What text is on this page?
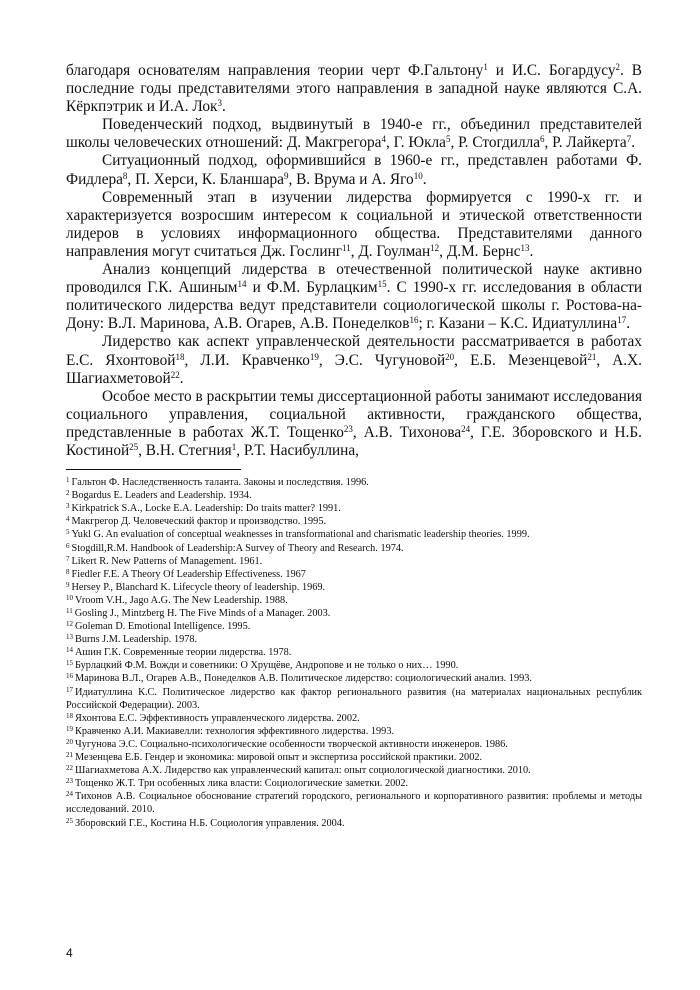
благодаря основателям направления теории черт Ф.Гальтону$^1$ и И.С. Богардусу$^2$. В последние годы представителями этого направления в западной науке являются С.А. Кёркпэтрик и И.А. Лок$^3$.

Поведенческий подход, выдвинутый в 1940-е гг., объединил представителей школы человеческих отношений: Д. Макгрегора$^4$, Г. Юкла$^5$, Р. Стогдилла$^6$, Р. Лайкерта$^7$.

Ситуационный подход, оформившийся в 1960-е гг., представлен работами Ф. Фидлера$^8$, П. Херси, К. Бланшара$^9$, В. Врума и А. Яго$^{10}$.

Современный этап в изучении лидерства формируется с 1990-х гг. и характеризуется возросшим интересом к социальной и этической ответственности лидеров в условиях информационного общества. Представителями данного направления могут считаться Дж. Гослинг$^{11}$, Д. Гоулман$^{12}$, Д.М. Бернс$^{13}$.

Анализ концепций лидерства в отечественной политической науке активно проводился Г.К. Ашиным$^{14}$ и Ф.М. Бурлацким$^{15}$. С 1990-х гг. исследования в области политического лидерства ведут представители социологической школы г. Ростова-на-Дону: В.Л. Маринова, А.В. Огарев, А.В. Понеделков$^{16}$; г. Казани – К.С. Идиатуллина$^{17}$.

Лидерство как аспект управленческой деятельности рассматривается в работах Е.С. Яхонтовой$^{18}$, Л.И. Кравченко$^{19}$, Э.С. Чугуновой$^{20}$, Е.Б. Мезенцевой$^{21}$, А.Х. Шагиахметовой$^{22}$.

Особое место в раскрытии темы диссертационной работы занимают исследования социального управления, социальной активности, гражданского общества, представленные в работах Ж.Т. Тощенко$^{23}$, А.В. Тихонова$^{24}$, Г.Е. Зборовского и Н.Б. Костиной$^{25}$, В.Н. Стегния$^1$, Р.Т. Насибуллина,

$^1$ Гальтон Ф. Наследственность таланта. Законы и последствия. 1996.

$^2$ Bogardus E. Leaders and Leadership. 1934.

$^3$ Kirkpatrick S.A., Locke E.A. Leadership: Do traits matter? 1991.

$^4$ Макгрегор Д. Человеческий фактор и производство. 1995.

$^5$ Yukl G. An evaluation of conceptual weaknesses in transformational and charismatic leadership theories. 1999.

$^6$ Stogdill,R.M. Handbook of Leadership:A Survey of Theory and Research. 1974.

$^7$ Likert R. New Patterns of Management. 1961.

$^8$ Fiedler F.E. A Theory Of Leadership Effectiveness. 1967

$^9$ Hersey P., Blanchard K. Lifecycle theory of leadership. 1969.

$^{10}$ Vroom V.H., Jago A.G. The New Leadership. 1988.

$^{11}$ Gosling J., Mintzberg H. The Five Minds of a Manager. 2003.

$^{12}$ Goleman D. Emotional Intelligence. 1995.

$^{13}$ Burns J.M. Leadership. 1978.

$^{14}$ Ашин Г.К. Современные теории лидерства. 1978.

$^{15}$ Бурлацкий Ф.М. Вожди и советники: О Хрущёве, Андропове и не только о них… 1990.

$^{16}$ Маринова В.Л., Огарев А.В., Понеделков А.В. Политическое лидерство: социологический анализ. 1993.

$^{17}$ Идиатуллина К.С. Политическое лидерство как фактор регионального развития (на материалах национальных республик Российской Федерации). 2003.

$^{18}$ Яхонтова Е.С. Эффективность управленческого лидерства. 2002.

$^{19}$ Кравченко А.И. Макиавелли: технология эффективного лидерства. 1993.

$^{20}$ Чугунова Э.С. Социально-психологические особенности творческой активности инженеров. 1986.

$^{21}$ Мезенцева Е.Б. Гендер и экономика: мировой опыт и экспертиза российской практики. 2002.

$^{22}$ Шагиахметова А.Х. Лидерство как управленческий капитал: опыт социологической диагностики. 2010.

$^{23}$ Тощенко Ж.Т. Три особенных лика власти: Социологические заметки. 2002.

$^{24}$ Тихонов А.В. Социальное обоснование стратегий городского, регионального и корпоративного развития: проблемы и методы исследований. 2010.

$^{25}$ Зборовский Г.Е., Костина Н.Б. Социология управления. 2004.

4
